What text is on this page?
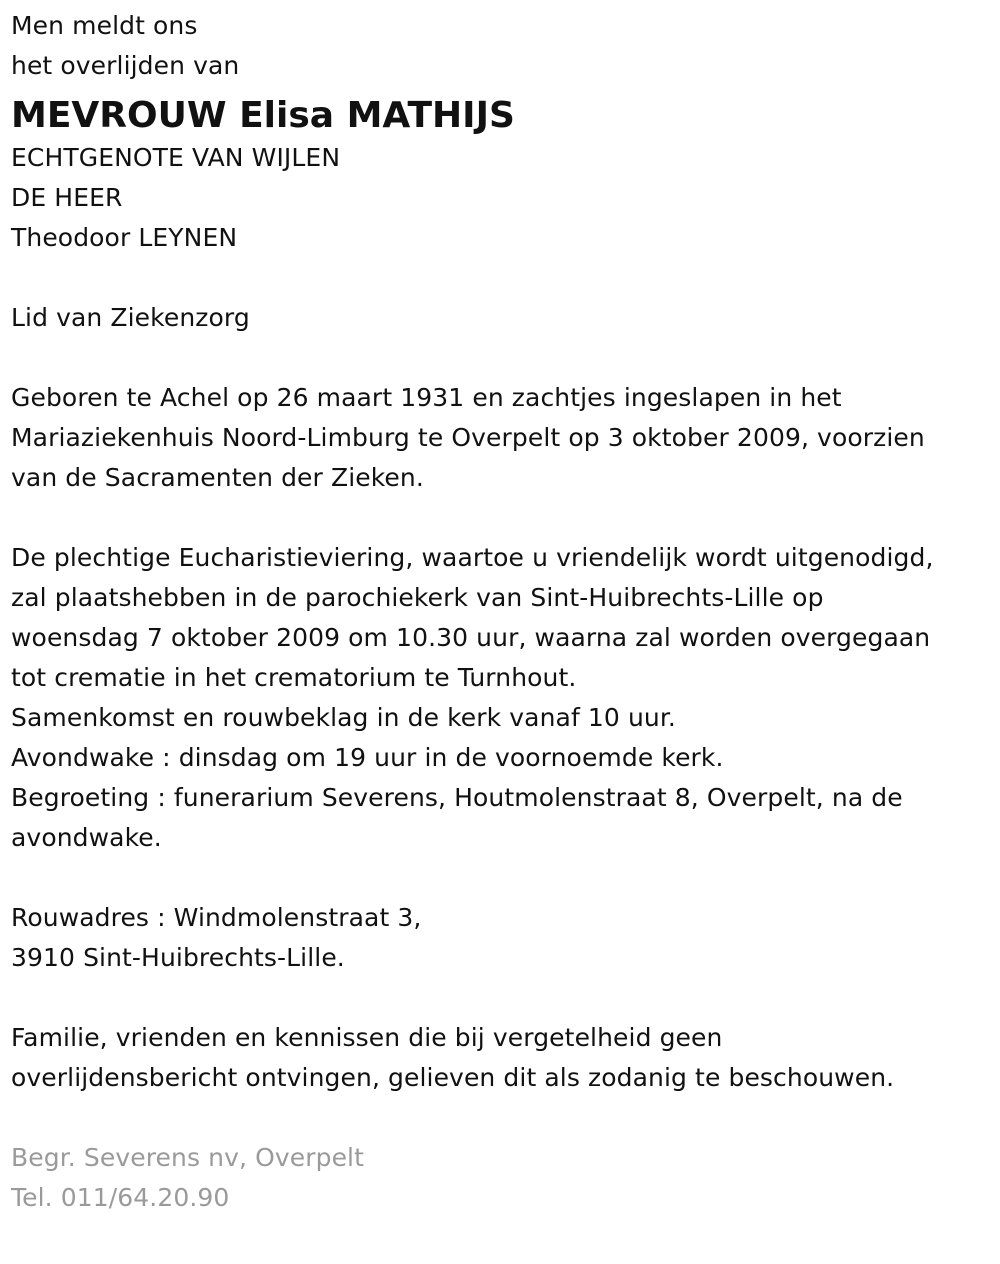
Men meldt ons
het overlijden van
MEVROUW Elisa MATHIJS
ECHTGENOTE VAN WIJLEN
DE HEER
Theodoor LEYNEN
Lid van Ziekenzorg
Geboren te Achel op 26 maart 1931 en zachtjes ingeslapen in het
Mariaziekenhuis Noord-Limburg te Overpelt op 3 oktober 2009, voorzien
van de Sacramenten der Zieken.
De plechtige Eucharistieviering, waartoe u vriendelijk wordt uitgenodigd,
zal plaatshebben in de parochiekerk van Sint-Huibrechts-Lille op
woensdag 7 oktober 2009 om 10.30 uur, waarna zal worden overgegaan
tot crematie in het crematorium te Turnhout.
Samenkomst en rouwbeklag in de kerk vanaf 10 uur.
Avondwake : dinsdag om 19 uur in de voornoemde kerk.
Begroeting : funerarium Severens, Houtmolenstraat 8, Overpelt, na de
avondwake.
Rouwadres : Windmolenstraat 3,
3910 Sint-Huibrechts-Lille.
Familie, vrienden en kennissen die bij vergetelheid geen
overlijdensbericht ontvingen, gelieven dit als zodanig te beschouwen.
Begr. Severens nv, Overpelt
Tel. 011/64.20.90
